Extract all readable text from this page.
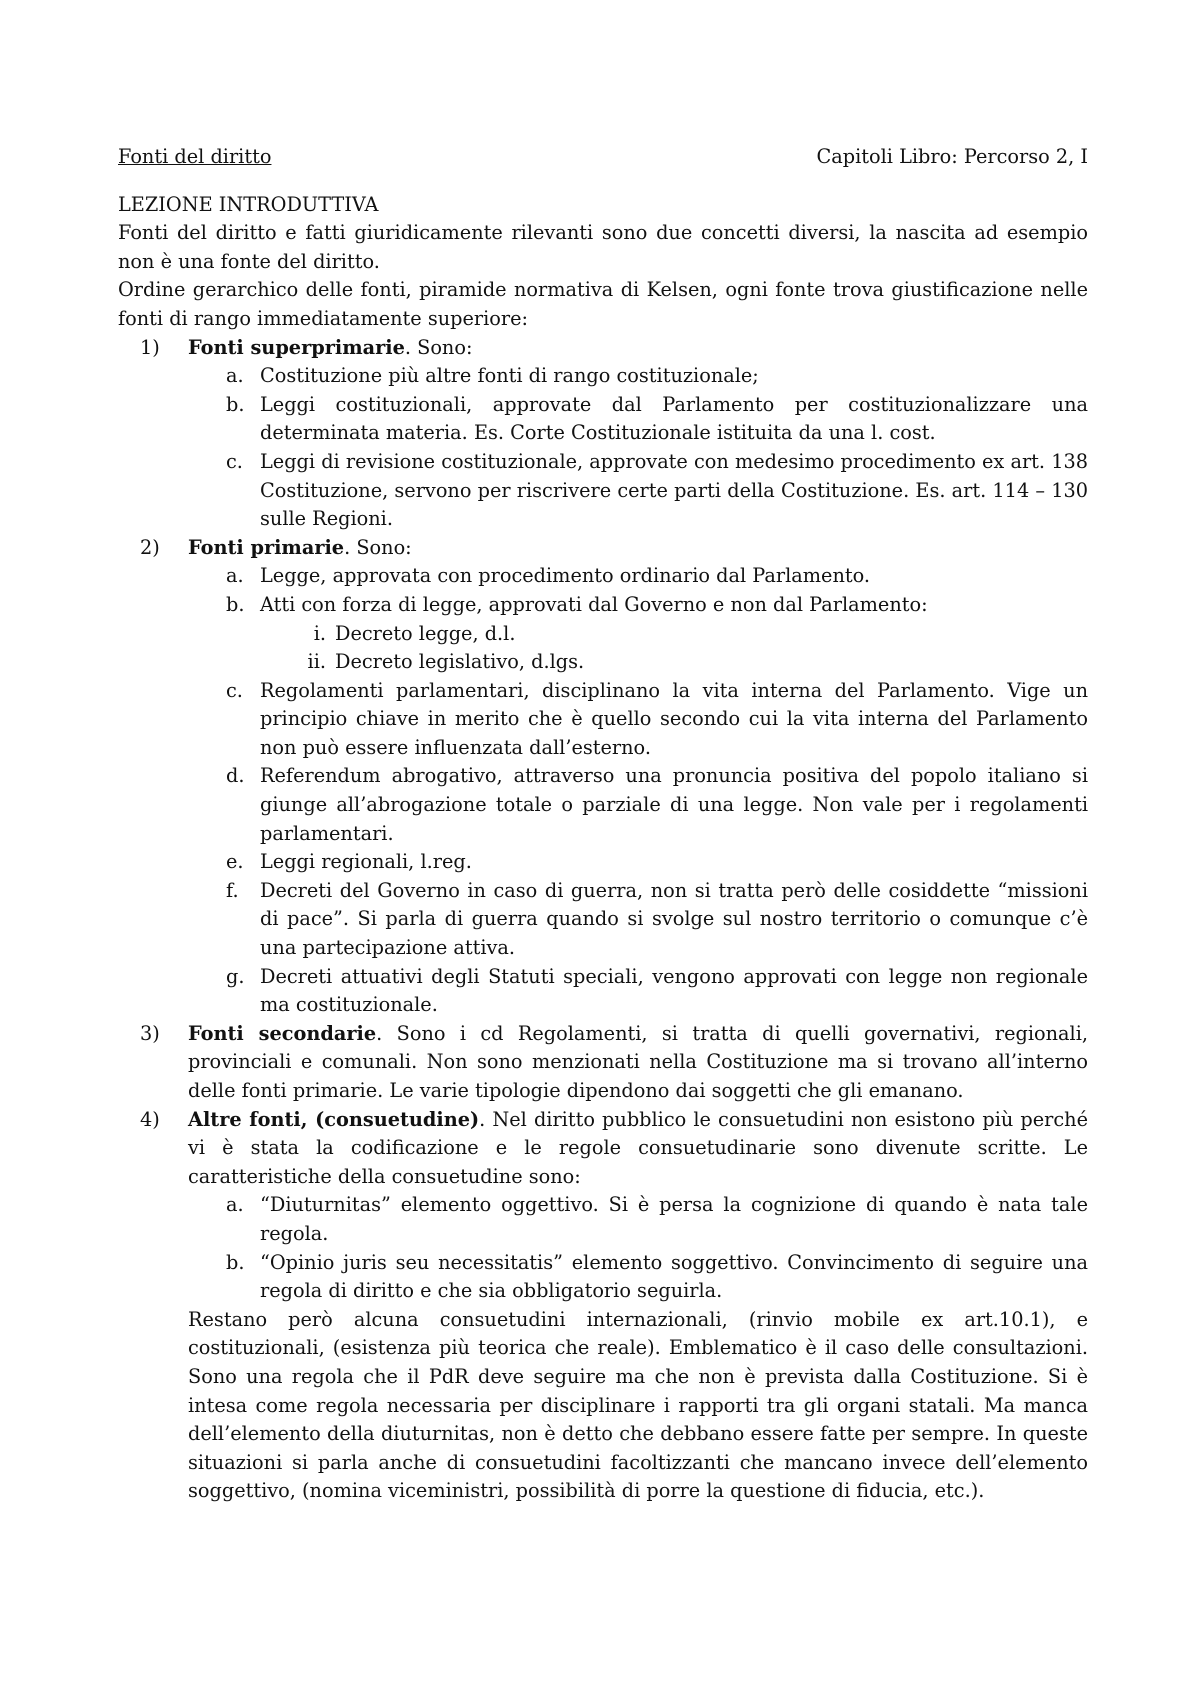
Fonti del diritto	Capitoli Libro: Percorso 2, I

LEZIONE INTRODUTTIVA

Fonti del diritto e fatti giuridicamente rilevanti sono due concetti diversi, la nascita ad esempio non è una fonte del diritto.

Ordine gerarchico delle fonti, piramide normativa di Kelsen, ogni fonte trova giustificazione nelle fonti di rango immediatamente superiore:

1) Fonti superprimarie. Sono:
a. Costituzione più altre fonti di rango costituzionale;
b. Leggi costituzionali, approvate dal Parlamento per costituzionalizzare una determinata materia. Es. Corte Costituzionale istituita da una l. cost.
c. Leggi di revisione costituzionale, approvate con medesimo procedimento ex art. 138 Costituzione, servono per riscrivere certe parti della Costituzione. Es. art. 114 – 130 sulle Regioni.
2) Fonti primarie. Sono:
a. Legge, approvata con procedimento ordinario dal Parlamento.
b. Atti con forza di legge, approvati dal Governo e non dal Parlamento:
i. Decreto legge, d.l.
ii. Decreto legislativo, d.lgs.
c. Regolamenti parlamentari, disciplinano la vita interna del Parlamento. Vige un principio chiave in merito che è quello secondo cui la vita interna del Parlamento non può essere influenzata dall’esterno.
d. Referendum abrogativo, attraverso una pronuncia positiva del popolo italiano si giunge all’abrogazione totale o parziale di una legge. Non vale per i regolamenti parlamentari.
e. Leggi regionali, l.reg.
f. Decreti del Governo in caso di guerra, non si tratta però delle cosiddette “missioni di pace”. Si parla di guerra quando si svolge sul nostro territorio o comunque c’è una partecipazione attiva.
g. Decreti attuativi degli Statuti speciali, vengono approvati con legge non regionale ma costituzionale.
3) Fonti secondarie. Sono i cd Regolamenti, si tratta di quelli governativi, regionali, provinciali e comunali. Non sono menzionati nella Costituzione ma si trovano all’interno delle fonti primarie. Le varie tipologie dipendono dai soggetti che gli emanano.
4) Altre fonti, (consuetudine). Nel diritto pubblico le consuetudini non esistono più perché vi è stata la codificazione e le regole consuetudinarie sono divenute scritte. Le caratteristiche della consuetudine sono:
a. “Diuturnitas” elemento oggettivo. Si è persa la cognizione di quando è nata tale regola.
b. “Opinio juris seu necessitatis” elemento soggettivo. Convincimento di seguire una regola di diritto e che sia obbligatorio seguirla.

Restano però alcuna consuetudini internazionali, (rinvio mobile ex art.10.1), e costituzionali, (esistenza più teorica che reale). Emblematico è il caso delle consultazioni. Sono una regola che il PdR deve seguire ma che non è prevista dalla Costituzione. Si è intesa come regola necessaria per disciplinare i rapporti tra gli organi statali. Ma manca dell’elemento della diuturnitas, non è detto che debbano essere fatte per sempre. In queste situazioni si parla anche di consuetudini facoltizzanti che mancano invece dell’elemento soggettivo, (nomina viceministri, possibilità di porre la questione di fiducia, etc.).
